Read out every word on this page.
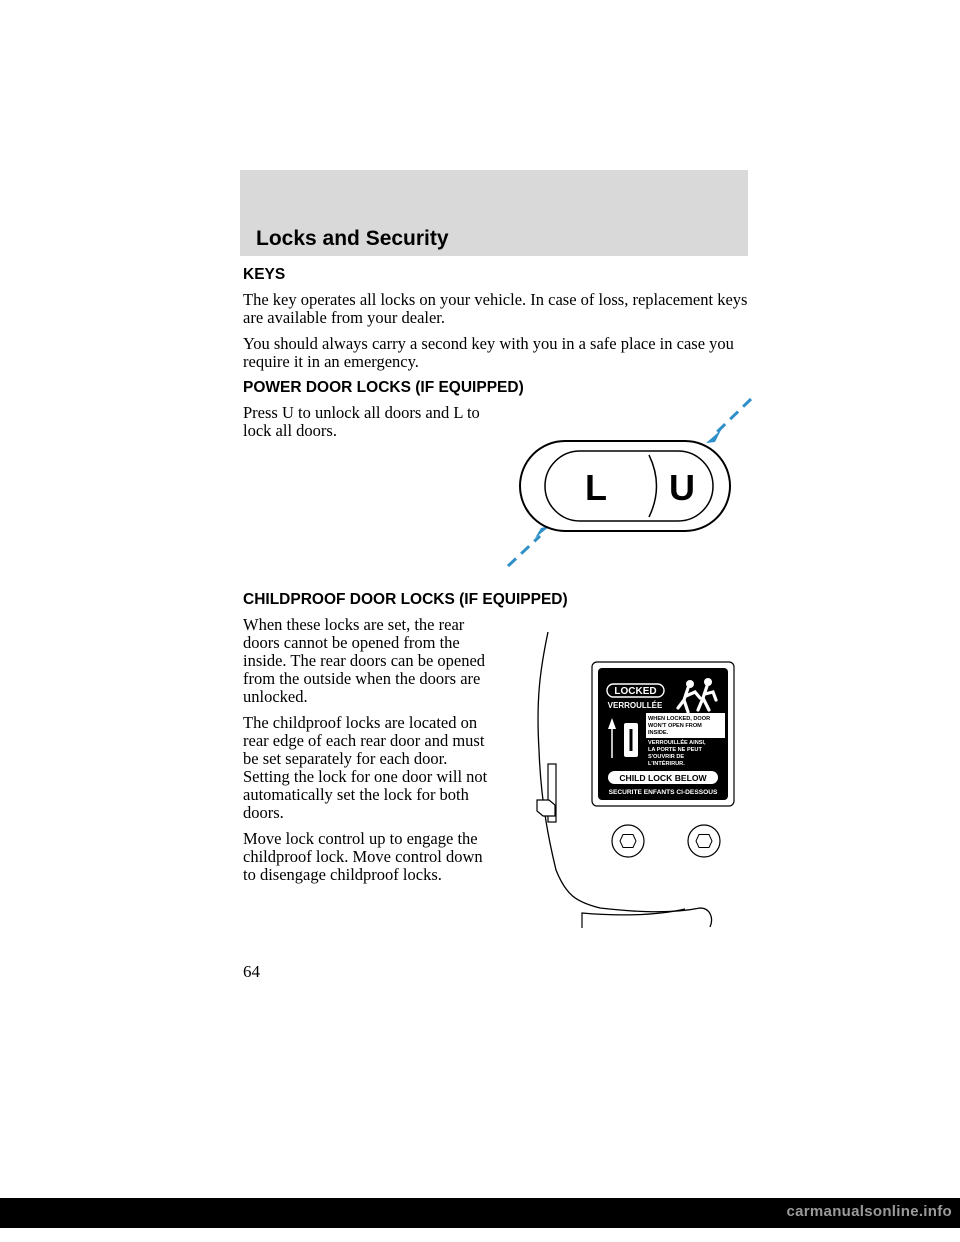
Locks and Security
KEYS

The key operates all locks on your vehicle. In case of loss, replacement keys are available from your dealer.

You should always carry a second key with you in a safe place in case you require it in an emergency.

POWER DOOR LOCKS (IF EQUIPPED)

Press U to unlock all doors and L to lock all doors.

CHILDPROOF DOOR LOCKS (IF EQUIPPED)

When these locks are set, the rear doors cannot be opened from the inside. The rear doors can be opened from the outside when the doors are unlocked.

The childproof locks are located on rear edge of each rear door and must be set separately for each door. Setting the lock for one door will not automatically set the lock for both doors.

Move lock control up to engage the childproof lock. Move control down to disengage childproof locks.

L U
LOCKED
VERROULLÉE
WHEN LOCKED, DOOR
WON'T OPEN FROM
INSIDE.
VERROUILLÉE AINSI,
LA PORTE NE PEUT
S'OUVRIR DE
L'INTÉRIRUR.
CHILD LOCK BELOW
SECURITE ENFANTS CI-DESSOUS

64

carmanualsonline.info
